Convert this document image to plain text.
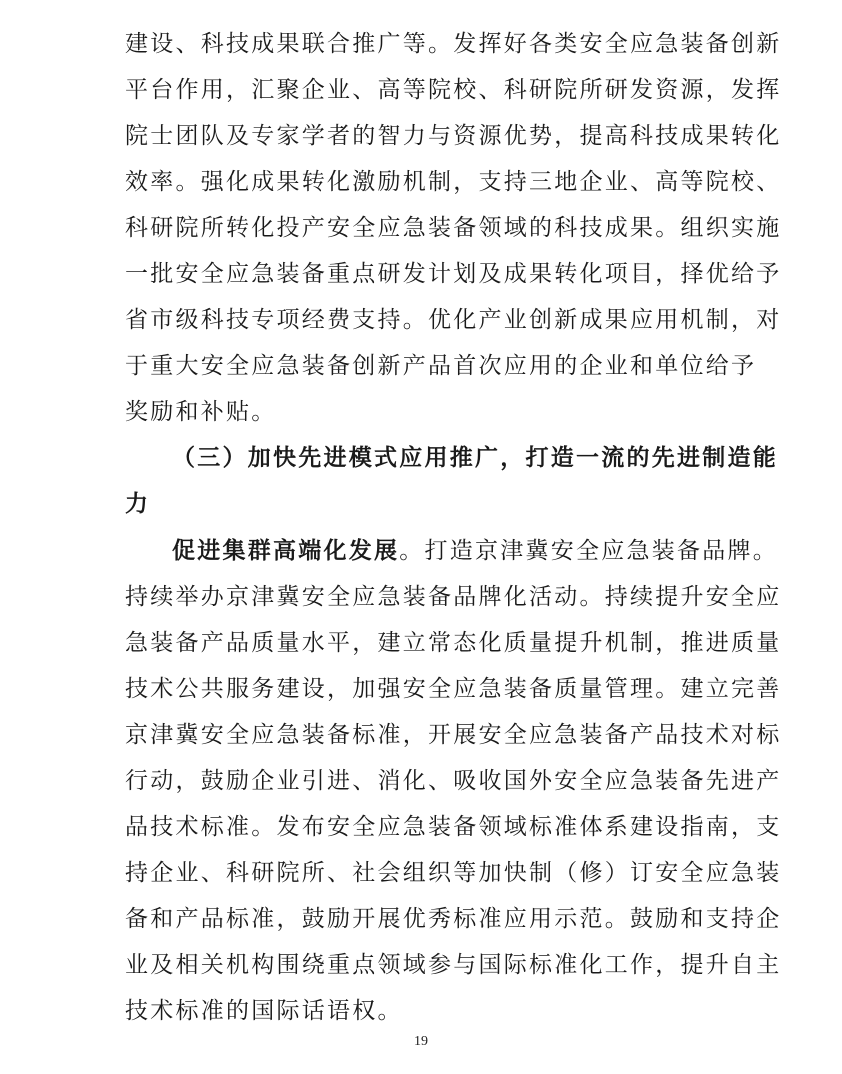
建 设 、 科 技 成 果 联 合 推 广 等 。 发 挥 好 各 类 安 全 应 急 装 备 创 新
平 台 作 用 ， 汇 聚 企 业 、 高 等 院 校 、 科 研 院 所 研 发 资 源 ， 发 挥
院 士 团 队 及 专 家 学 者 的 智 力 与 资 源 优 势 ， 提 高 科 技 成 果 转 化
效 率 。 强 化 成 果 转 化 激 励 机 制 ， 支 持 三 地 企 业 、 高 等 院 校 、
科 研 院 所 转 化 投 产 安 全 应 急 装 备 领 域 的 科 技 成 果 。 组 织 实 施
一 批 安 全 应 急 装 备 重 点 研 发 计 划 及 成 果 转 化 项 目 ， 择 优 给 予
省 市 级 科 技 专 项 经 费 支 持 。 优 化 产 业 创 新 成 果 应 用 机 制 ， 对
于 重 大 安 全 应 急 装 备 创 新 产 品 首 次 应 用 的 企 业 和 单 位 给 予
奖励和补贴。
（ 三 ） 加 快 先 进 模 式 应 用 推 广 ， 打 造 一 流 的 先 进 制 造 能
力
促进集群高端化发展 。打造京津冀安全应急装备品牌。
持 续 举 办 京 津 冀 安 全 应 急 装 备 品 牌 化 活 动 。 持 续 提 升 安 全 应
急 装 备 产 品 质 量 水 平 ， 建 立 常 态 化 质 量 提 升 机 制 ， 推 进 质 量
技 术 公 共 服 务 建 设 ， 加 强 安 全 应 急 装 备 质 量 管 理 。 建 立 完 善
京 津 冀 安 全 应 急 装 备 标 准 ， 开 展 安 全 应 急 装 备 产 品 技 术 对 标
行 动 ， 鼓 励 企 业 引 进 、 消 化 、 吸 收 国 外 安 全 应 急 装 备 先 进 产
品 技 术 标 准 。 发 布 安 全 应 急 装 备 领 域 标 准 体 系 建 设 指 南 ， 支
持 企 业 、 科 研 院 所 、 社 会 组 织 等 加 快 制 （ 修 ） 订 安 全 应 急 装
备 和 产 品 标 准 ， 鼓 励 开 展 优 秀 标 准 应 用 示 范 。 鼓 励 和 支 持 企
业 及 相 关 机 构 围 绕 重 点 领 域 参 与 国 际 标 准 化 工 作 ， 提 升 自 主
技术标准的国际话语权。
19
